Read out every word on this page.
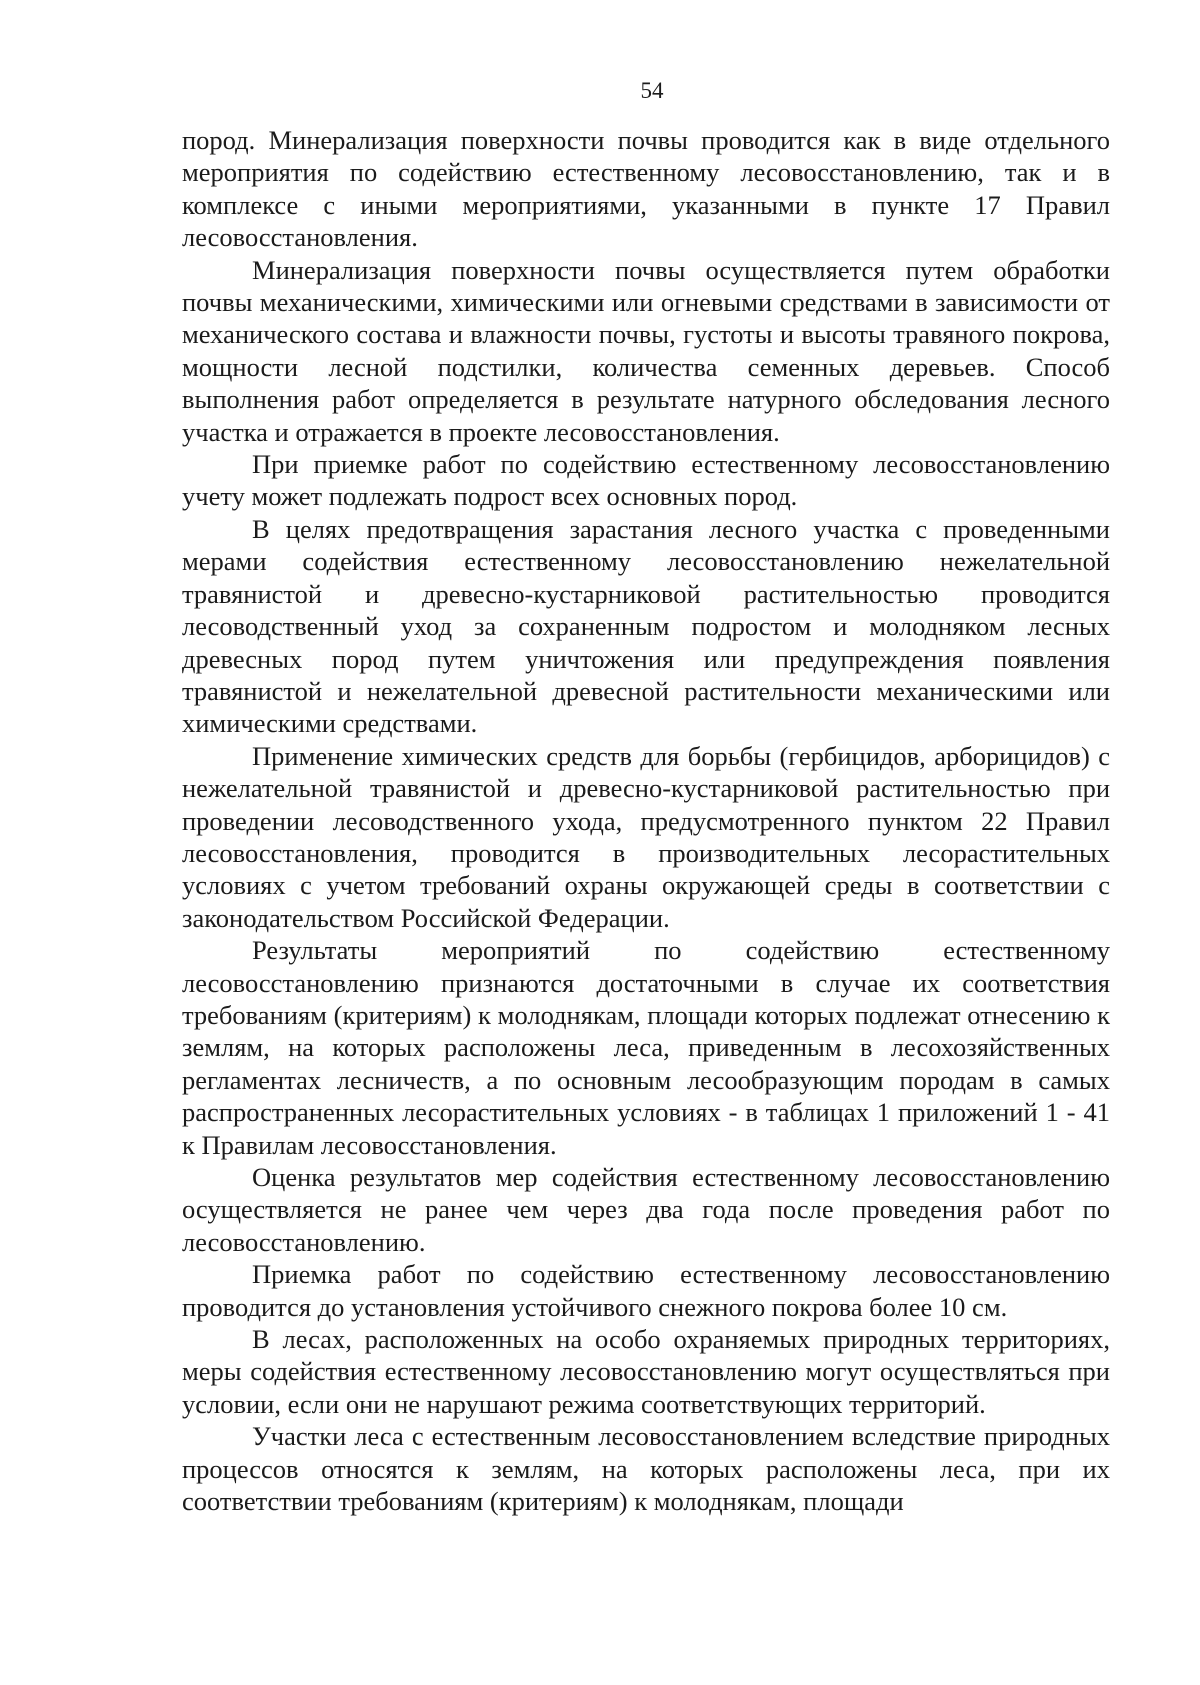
54

пород. Минерализация поверхности почвы проводится как в виде отдельного мероприятия по содействию естественному лесовосстановлению, так и в комплексе с иными мероприятиями, указанными в пункте 17 Правил лесовосстановления.

Минерализация поверхности почвы осуществляется путем обработки почвы механическими, химическими или огневыми средствами в зависимости от механического состава и влажности почвы, густоты и высоты травяного покрова, мощности лесной подстилки, количества семенных деревьев. Способ выполнения работ определяется в результате натурного обследования лесного участка и отражается в проекте лесовосстановления.

При приемке работ по содействию естественному лесовосстановлению учету может подлежать подрост всех основных пород.

В целях предотвращения зарастания лесного участка с проведенными мерами содействия естественному лесовосстановлению нежелательной травянистой и древесно-кустарниковой растительностью проводится лесоводственный уход за сохраненным подростом и молодняком лесных древесных пород путем уничтожения или предупреждения появления травянистой и нежелательной древесной растительности механическими или химическими средствами.

Применение химических средств для борьбы (гербицидов, арборицидов) с нежелательной травянистой и древесно-кустарниковой растительностью при проведении лесоводственного ухода, предусмотренного пунктом 22 Правил лесовосстановления, проводится в производительных лесорастительных условиях с учетом требований охраны окружающей среды в соответствии с законодательством Российской Федерации.

Результаты мероприятий по содействию естественному лесовосстановлению признаются достаточными в случае их соответствия требованиям (критериям) к молоднякам, площади которых подлежат отнесению к землям, на которых расположены леса, приведенным в лесохозяйственных регламентах лесничеств, а по основным лесообразующим породам в самых распространенных лесорастительных условиях - в таблицах 1 приложений 1 - 41 к Правилам лесовосстановления.

Оценка результатов мер содействия естественному лесовосстановлению осуществляется не ранее чем через два года после проведения работ по лесовосстановлению.

Приемка работ по содействию естественному лесовосстановлению проводится до установления устойчивого снежного покрова более 10 см.

В лесах, расположенных на особо охраняемых природных территориях, меры содействия естественному лесовосстановлению могут осуществляться при условии, если они не нарушают режима соответствующих территорий.

Участки леса с естественным лесовосстановлением вследствие природных процессов относятся к землям, на которых расположены леса, при их соответствии требованиям (критериям) к молоднякам, площади
